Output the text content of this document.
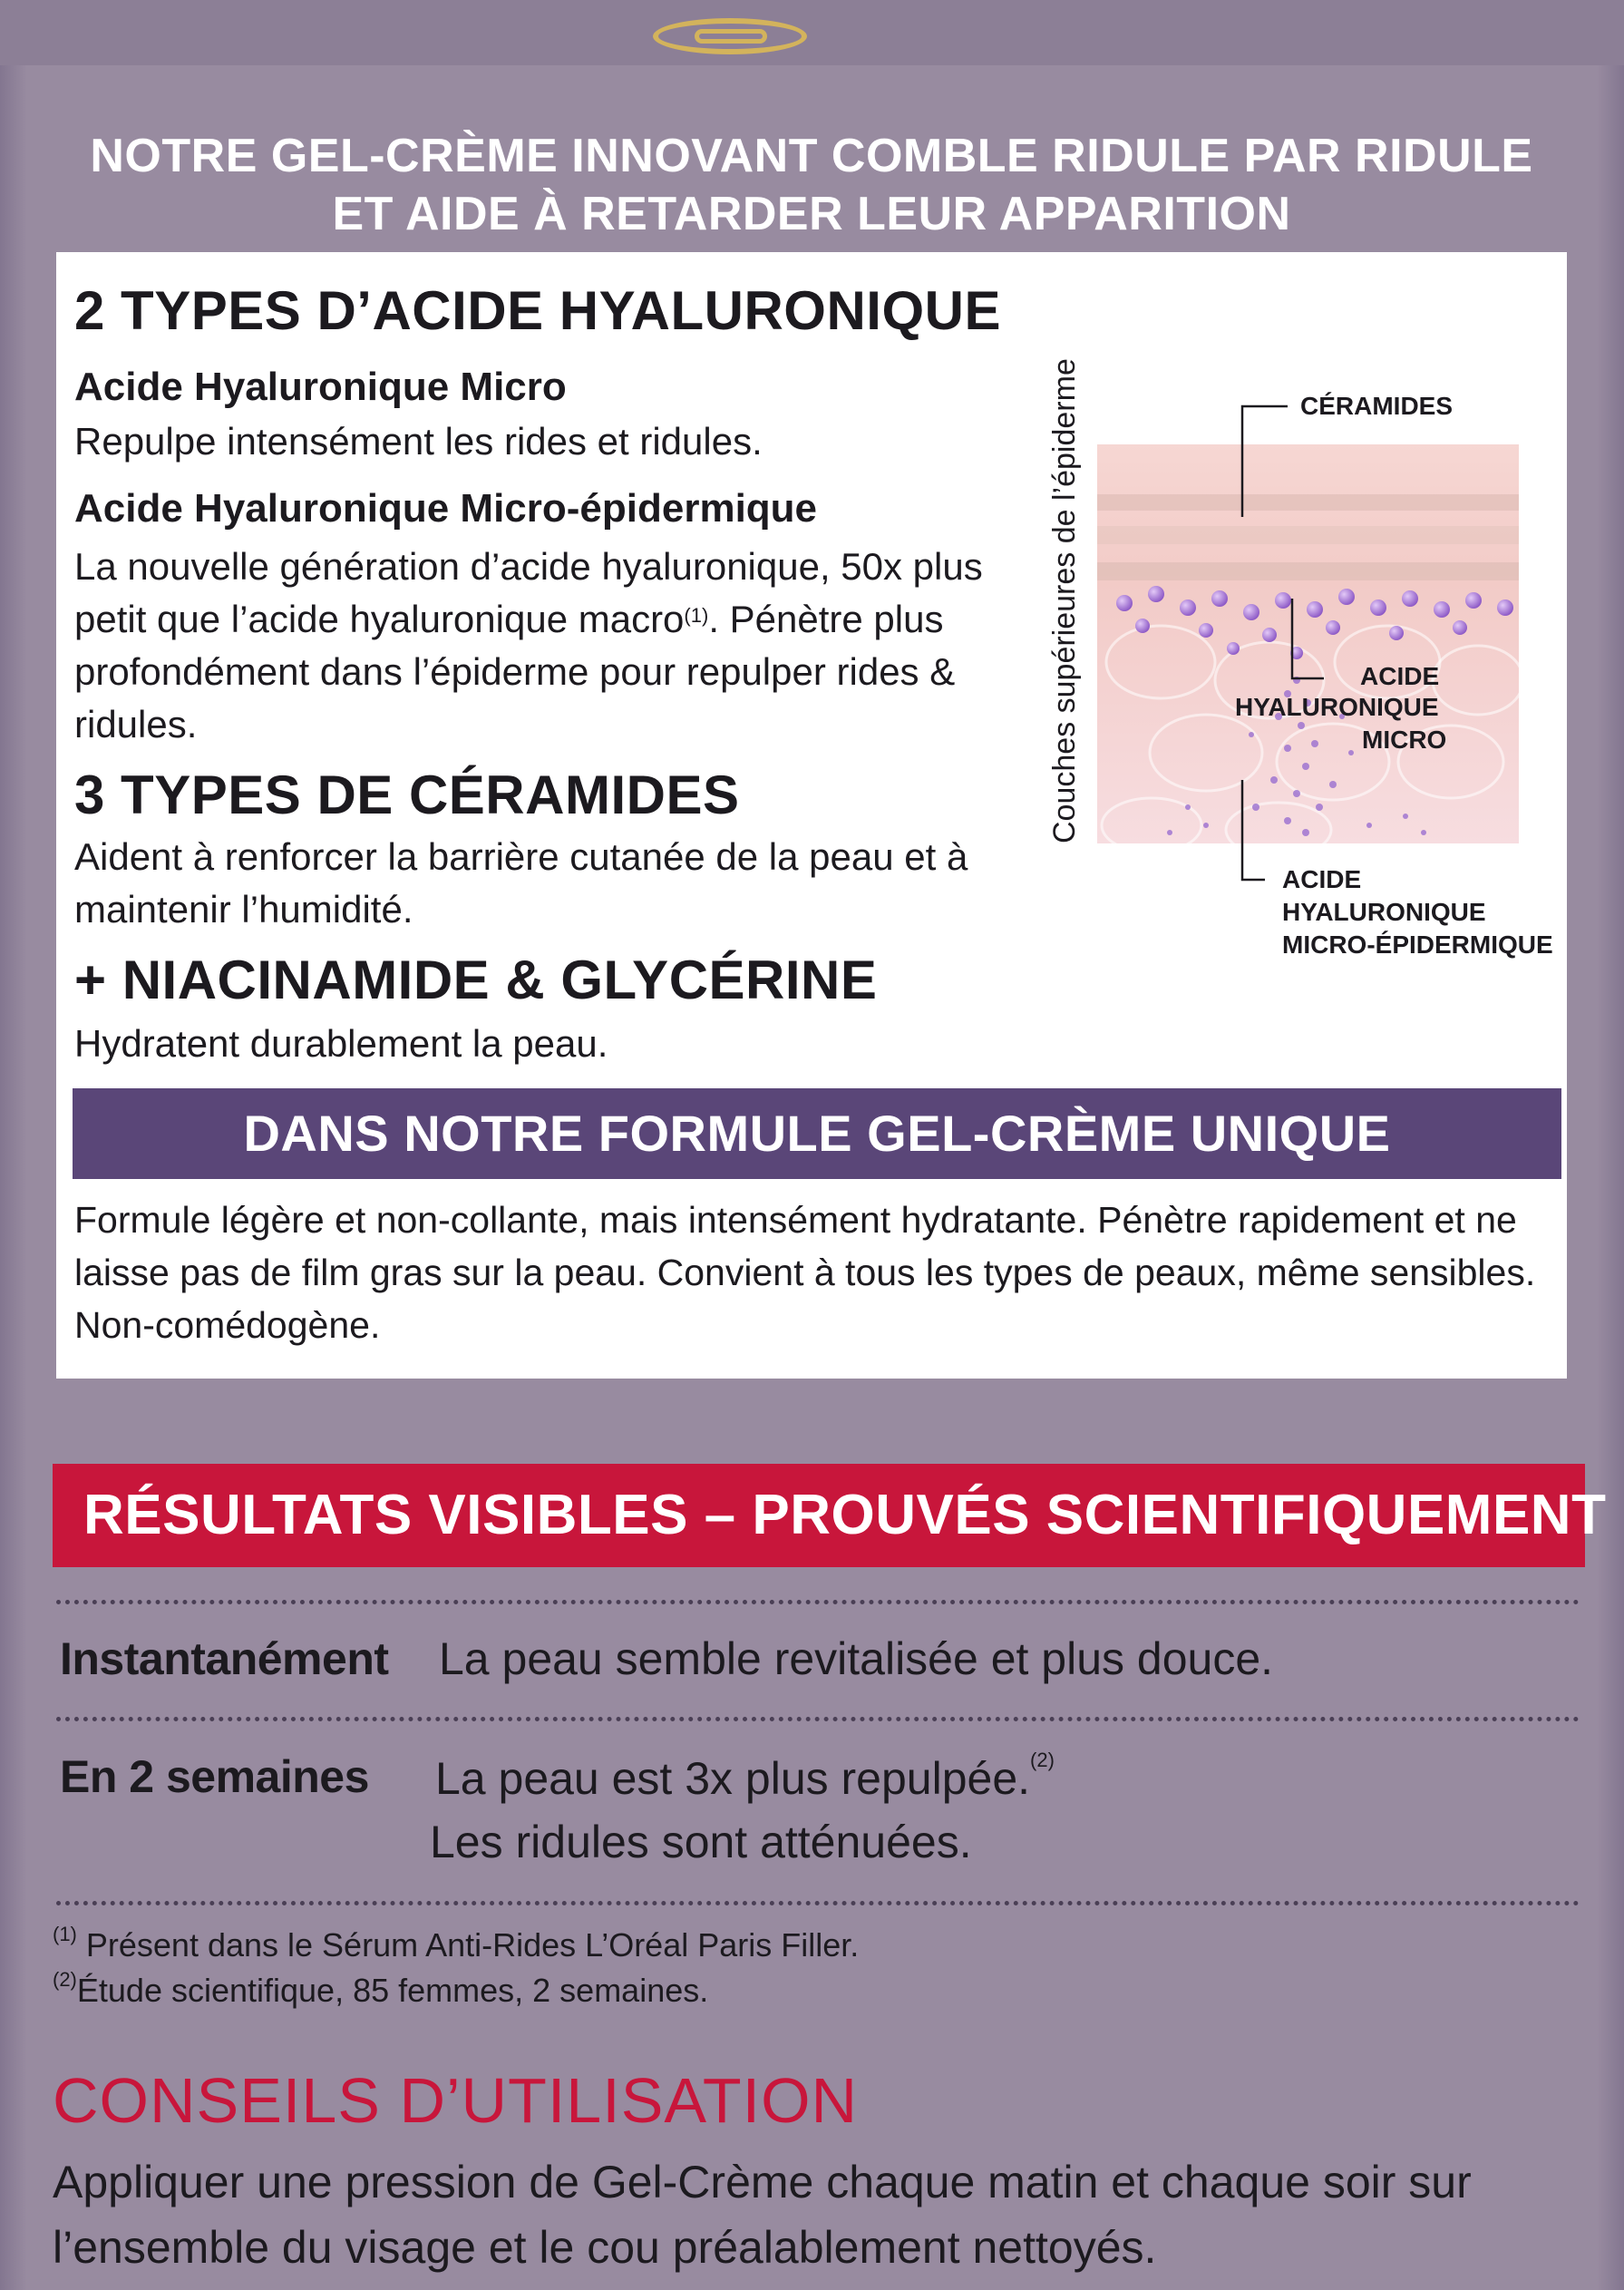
NOTRE GEL-CRÈME INNOVANT COMBLE RIDULE PAR RIDULE
ET AIDE À RETARDER LEUR APPARITION
2 TYPES D’ACIDE HYALURONIQUE
Acide Hyaluronique Micro
Repulpe intensément les rides et ridules.
Acide Hyaluronique Micro-épidermique
La nouvelle génération d’acide hyaluronique, 50x plus petit que l’acide hyaluronique macro$^{(1)}$. Pénètre plus profondément dans l’épiderme pour repulper rides & ridules.
3 TYPES DE CÉRAMIDES
Aident à renforcer la barrière cutanée de la peau et à maintenir l’humidité.
+ NIACINAMIDE & GLYCÉRINE
Hydratent durablement la peau.
Couches supérieures de l’épiderme	CÉRAMIDES
ACIDE
HYALURONIQUE
MICRO
ACIDE
HYALURONIQUE
MICRO-ÉPIDERMIQUE
DANS NOTRE FORMULE GEL-CRÈME UNIQUE
Formule légère et non-collante, mais intensément hydratante. Pénètre rapidement et ne laisse pas de film gras sur la peau. Convient à tous les types de peaux, même sensibles. Non-comédogène.
RÉSULTATS VISIBLES – PROUVÉS SCIENTIFIQUEMENT
Instantanément La peau semble revitalisée et plus douce.
En 2 semaines La peau est 3x plus repulpée.$^{(2)}$
Les ridules sont atténuées.
$^{(1)}$ Présent dans le Sérum Anti-Rides L’Oréal Paris Filler.
$^{(2)}$Étude scientifique, 85 femmes, 2 semaines.
CONSEILS D’UTILISATION
Appliquer une pression de Gel-Crème chaque matin et chaque soir sur l’ensemble du visage et le cou préalablement nettoyés.
